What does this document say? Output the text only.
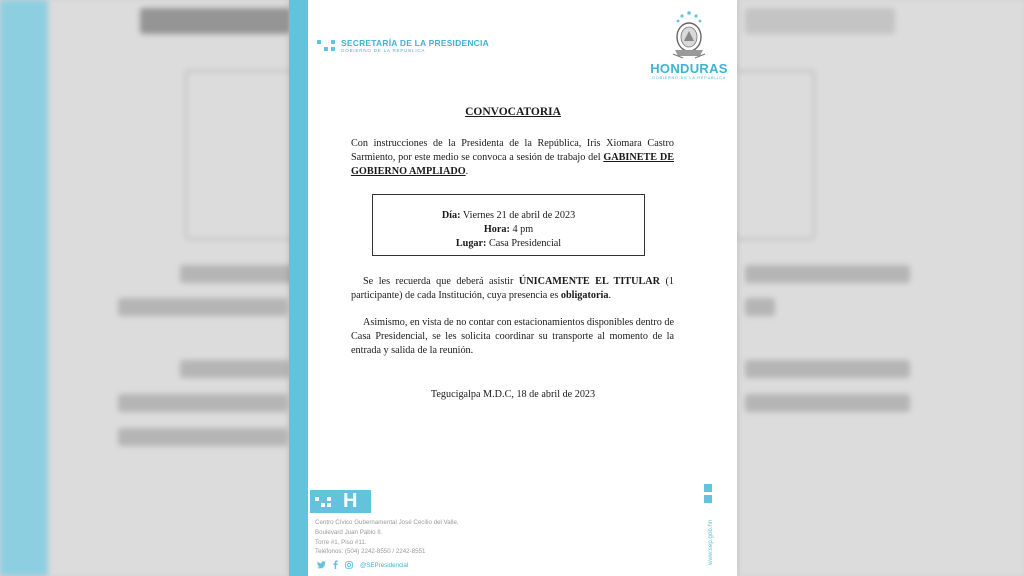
SECRETARÍA DE LA PRESIDENCIA
GOBIERNO DE LA REPÚBLICA
HONDURAS
GOBIERNO DE LA REPÚBLICA
CONVOCATORIA
Con instrucciones de la Presidenta de la República, Iris Xiomara Castro Sarmiento, por este medio se convoca a sesión de trabajo del GABINETE DE GOBIERNO AMPLIADO.
Día: Viernes 21 de abril de 2023
Hora: 4 pm
Lugar: Casa Presidencial
Se les recuerda que deberá asistir ÚNICAMENTE EL TITULAR (1 participante) de cada Institución, cuya presencia es obligatoria.
Asimismo, en vista de no contar con estacionamientos disponibles dentro de Casa Presidencial, se les solicita coordinar su transporte al momento de la entrada y salida de la reunión.
Tegucigalpa M.D.C, 18 de abril de 2023
H
Centro Cívico Gubernamental José Cecilio del Valle,
Boulevard Juan Pablo II.
Torre #1, Piso #11.
Teléfonos: (504) 2242-8550 / 2242-8551
@SEPresidencial
www.sep.gob.hn
